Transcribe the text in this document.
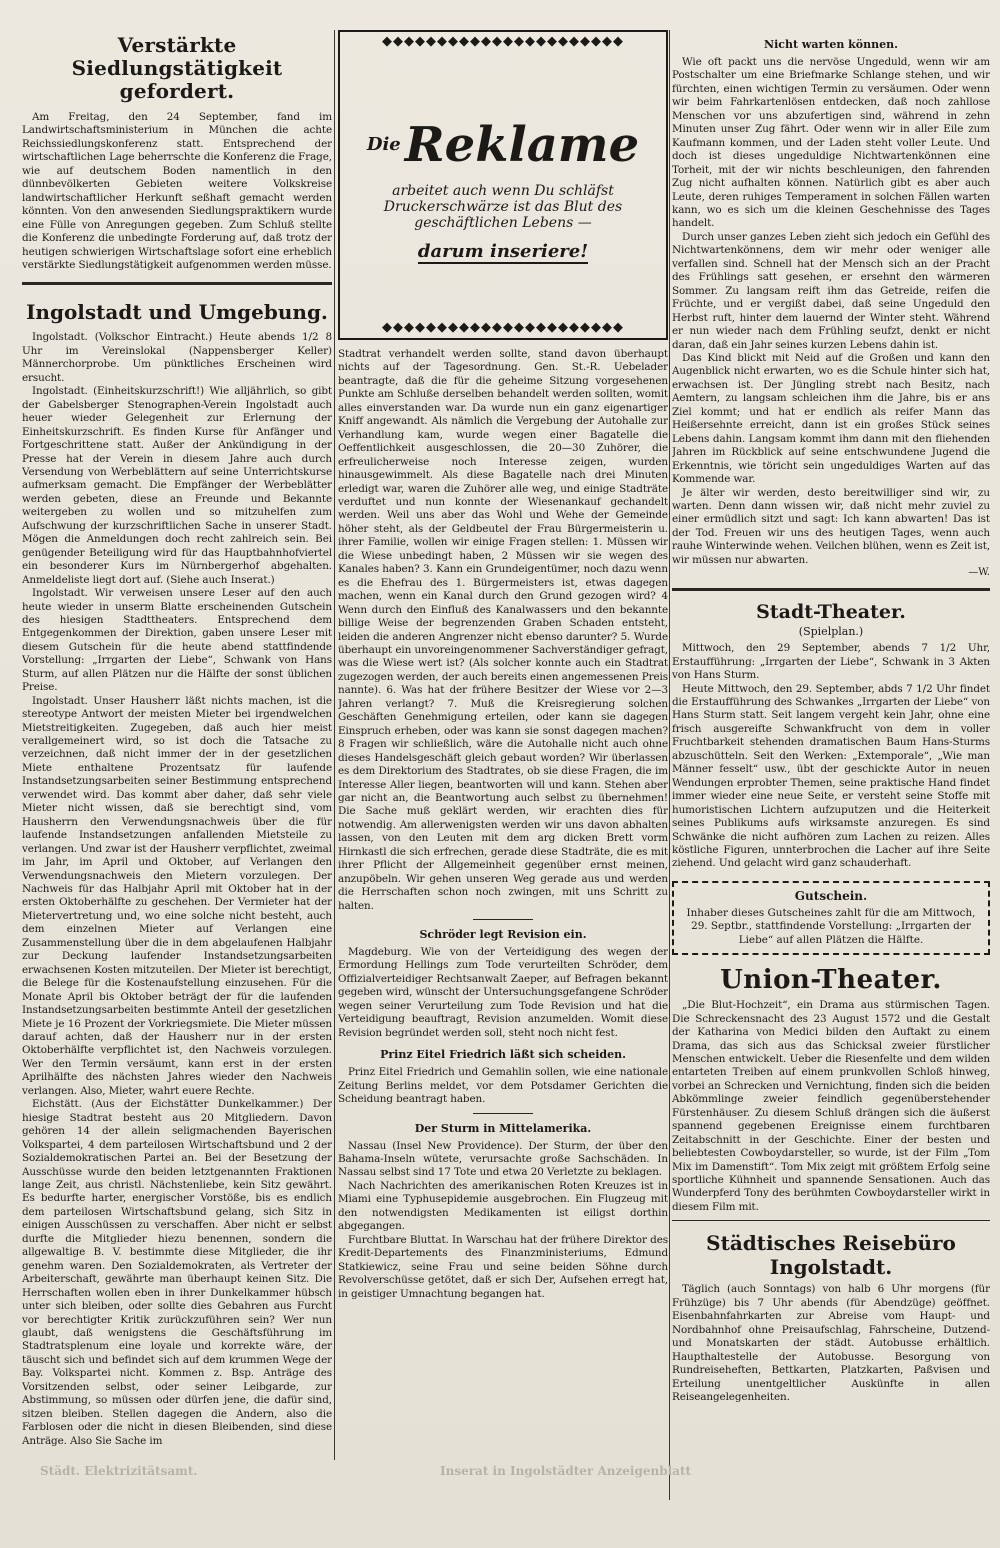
Verstärkte Siedlungstätigkeit gefordert.

Am Freitag, den 24 September, fand im Landwirtschaftsministerium in München die achte Reichssiedlungskonferenz statt. Entsprechend der wirtschaftlichen Lage beherrschte die Konferenz die Frage, wie auf deutschem Boden namentlich in den dünnbevölkerten Gebieten weitere Volkskreise landwirtschaftlicher Herkunft seßhaft gemacht werden könnten. Von den anwesenden Siedlungspraktikern wurde eine Fülle von Anregungen gegeben. Zum Schluß stellte die Konferenz die unbedingte Forderung auf, daß trotz der heutigen schwierigen Wirtschaftslage sofort eine erheblich verstärkte Siedlungstätigkeit aufgenommen werden müsse.

Ingolstadt und Umgebung.

Ingolstadt. (Volkschor Eintracht.) Heute abends 1/2 8 Uhr im Vereinslokal (Nappensberger Keller) Männerchorprobe. Um pünktliches Erscheinen wird ersucht.

Ingolstadt. (Einheitskurzschrift!) Wie alljährlich, so gibt der Gabelsberger Stenographen-Verein Ingolstadt auch heuer wieder Gelegenheit zur Erlernung der Einheitskurzschrift. Es finden Kurse für Anfänger und Fortgeschrittene statt. Außer der Ankündigung in der Presse hat der Verein in diesem Jahre auch durch Versendung von Werbeblättern auf seine Unterrichtskurse aufmerksam gemacht. Die Empfänger der Werbeblätter werden gebeten, diese an Freunde und Bekannte weitergeben zu wollen und so mitzuhelfen zum Aufschwung der kurzschriftlichen Sache in unserer Stadt. Mögen die Anmeldungen doch recht zahlreich sein. Bei genügender Beteiligung wird für das Hauptbahnhofviertel ein besonderer Kurs im Nürnbergerhof abgehalten. Anmeldeliste liegt dort auf. (Siehe auch Inserat.)

Ingolstadt. Wir verweisen unsere Leser auf den auch heute wieder in unserm Blatte erscheinenden Gutschein des hiesigen Stadttheaters. Entsprechend dem Entgegenkommen der Direktion, gaben unsere Leser mit diesem Gutschein für die heute abend stattfindende Vorstellung: „Irrgarten der Liebe“, Schwank von Hans Sturm, auf allen Plätzen nur die Hälfte der sonst üblichen Preise.

Ingolstadt. Unser Hausherr läßt nichts machen, ist die stereotype Antwort der meisten Mieter bei irgendwelchen Mietstreitigkeiten. Zugegeben, daß auch hier meist verallgemeinert wird, so ist doch die Tatsache zu verzeichnen, daß nicht immer der in der gesetzlichen Miete enthaltene Prozentsatz für laufende Instandsetzungsarbeiten seiner Bestimmung entsprechend verwendet wird. Das kommt aber daher, daß sehr viele Mieter nicht wissen, daß sie berechtigt sind, vom Hausherrn den Verwendungsnachweis über die für laufende Instandsetzungen anfallenden Mietsteile zu verlangen. Und zwar ist der Hausherr verpflichtet, zweimal im Jahr, im April und Oktober, auf Verlangen den Verwendungsnachweis den Mietern vorzulegen. Der Nachweis für das Halbjahr April mit Oktober hat in der ersten Oktoberhälfte zu geschehen. Der Vermieter hat der Mietervertretung und, wo eine solche nicht besteht, auch dem einzelnen Mieter auf Verlangen eine Zusammenstellung über die in dem abgelaufenen Halbjahr zur Deckung laufender Instandsetzungsarbeiten erwachsenen Kosten mitzuteilen. Der Mieter ist berechtigt, die Belege für die Kostenaufstellung einzusehen. Für die Monate April bis Oktober beträgt der für die laufenden Instandsetzungsarbeiten bestimmte Anteil der gesetzlichen Miete je 16 Prozent der Vorkriegsmiete. Die Mieter müssen darauf achten, daß der Hausherr nur in der ersten Oktoberhälfte verpflichtet ist, den Nachweis vorzulegen. Wer den Termin versäumt, kann erst in der ersten Aprilhälfte des nächsten Jahres wieder den Nachweis verlangen. Also, Mieter, wahrt euere Rechte.

Eichstätt. (Aus der Eichstätter Dunkelkammer.) Der hiesige Stadtrat besteht aus 20 Mitgliedern. Davon gehören 14 der allein seligmachenden Bayerischen Volkspartei, 4 dem parteilosen Wirtschaftsbund und 2 der Sozialdemokratischen Partei an. Bei der Besetzung der Ausschüsse wurde den beiden letztgenannten Fraktionen lange Zeit, aus christl. Nächstenliebe, kein Sitz gewährt. Es bedurfte harter, energischer Vorstöße, bis es endlich dem parteilosen Wirtschaftsbund gelang, sich Sitz in einigen Ausschüssen zu verschaffen. Aber nicht er selbst durfte die Mitglieder hiezu benennen, sondern die allgewaltige B. V. bestimmte diese Mitglieder, die ihr genehm waren. Den Sozialdemokraten, als Vertreter der Arbeiterschaft, gewährte man überhaupt keinen Sitz. Die Herrschaften wollen eben in ihrer Dunkelkammer hübsch unter sich bleiben, oder sollte dies Gebahren aus Furcht vor berechtigter Kritik zurückzuführen sein? Wer nun glaubt, daß wenigstens die Geschäftsführung im Stadtratsplenum eine loyale und korrekte wäre, der täuscht sich und befindet sich auf dem krummen Wege der Bay. Volkspartei nicht. Kommen z. Bsp. Anträge des Vorsitzenden selbst, oder seiner Leibgarde, zur Abstimmung, so müssen oder dürfen jene, die dafür sind, sitzen bleiben. Stellen dagegen die Andern, also die Farblosen oder die nicht in diesen Bleibenden, sind diese Anträge. Also Sie Sache im

◆◆◆◆◆◆◆◆◆◆◆◆◆◆◆◆◆◆◆◆◆◆
$^{Die}$Reklame
arbeitet auch wenn Du schläfst Druckerschwärze ist das Blut des geschäftlichen Lebens —
darum inseriere!
◆◆◆◆◆◆◆◆◆◆◆◆◆◆◆◆◆◆◆◆◆◆

Stadtrat verhandelt werden sollte, stand davon überhaupt nichts auf der Tagesordnung. Gen. St.-R. Uebelader beantragte, daß die für die geheime Sitzung vorgesehenen Punkte am Schluße derselben behandelt werden sollten, womit alles einverstanden war. Da wurde nun ein ganz eigenartiger Kniff angewandt. Als nämlich die Vergebung der Autohalle zur Verhandlung kam, wurde wegen einer Bagatelle die Oeffentlichkeit ausgeschlossen, die 20—30 Zuhörer, die erfreulicherweise noch Interesse zeigen, wurden hinausgewimmelt. Als diese Bagatelle nach drei Minuten erledigt war, waren die Zuhörer alle weg, und einige Stadträte verduftet und nun konnte der Wiesenankauf gechandelt werden. Weil uns aber das Wohl und Wehe der Gemeinde höher steht, als der Geldbeutel der Frau Bürgermeisterin u. ihrer Familie, wollen wir einige Fragen stellen: 1. Müssen wir die Wiese unbedingt haben, 2 Müssen wir sie wegen des Kanales haben? 3. Kann ein Grundeigentümer, noch dazu wenn es die Ehefrau des 1. Bürgermeisters ist, etwas dagegen machen, wenn ein Kanal durch den Grund gezogen wird? 4 Wenn durch den Einfluß des Kanalwassers und den bekannte billige Weise der begrenzenden Graben Schaden entsteht, leiden die anderen Angrenzer nicht ebenso darunter? 5. Wurde überhaupt ein unvoreingenommener Sachverständiger gefragt, was die Wiese wert ist? (Als solcher konnte auch ein Stadtrat zugezogen werden, der auch bereits einen angemessenen Preis nannte). 6. Was hat der frühere Besitzer der Wiese vor 2—3 Jahren verlangt? 7. Muß die Kreisregierung solchen Geschäften Genehmigung erteilen, oder kann sie dagegen Einspruch erheben, oder was kann sie sonst dagegen machen? 8 Fragen wir schließlich, wäre die Autohalle nicht auch ohne dieses Handelsgeschäft gleich gebaut worden? Wir überlassen es dem Direktorium des Stadtrates, ob sie diese Fragen, die im Interesse Aller liegen, beantworten will und kann. Stehen aber gar nicht an, die Beantwortung auch selbst zu übernehmen! Die Sache muß geklärt werden, wir erachten dies für notwendig. Am allerwenigsten werden wir uns davon abhalten lassen, von den Leuten mit dem arg dicken Brett vorm Hirnkastl die sich erfrechen, gerade diese Stadträte, die es mit ihrer Pflicht der Allgemeinheit gegenüber ernst meinen, anzupöbeln. Wir gehen unseren Weg gerade aus und werden die Herrschaften schon noch zwingen, mit uns Schritt zu halten.

Schröder legt Revision ein.

Magdeburg. Wie von der Verteidigung des wegen der Ermordung Hellings zum Tode verurteilten Schröder, dem Offizialverteidiger Rechtsanwalt Zaeper, auf Befragen bekannt gegeben wird, wünscht der Untersuchungsgefangene Schröder wegen seiner Verurteilung zum Tode Revision und hat die Verteidigung beauftragt, Revision anzumelden. Womit diese Revision begründet werden soll, steht noch nicht fest.

Prinz Eitel Friedrich läßt sich scheiden.

Prinz Eitel Friedrich und Gemahlin sollen, wie eine nationale Zeitung Berlins meldet, vor dem Potsdamer Gerichten die Scheidung beantragt haben.

Der Sturm in Mittelamerika.

Nassau (Insel New Providence). Der Sturm, der über den Bahama-Inseln wütete, verursachte große Sachschäden. In Nassau selbst sind 17 Tote und etwa 20 Verletzte zu beklagen.

Nach Nachrichten des amerikanischen Roten Kreuzes ist in Miami eine Typhusepidemie ausgebrochen. Ein Flugzeug mit den notwendigsten Medikamenten ist eiligst dorthin abgegangen.

Furchtbare Bluttat. In Warschau hat der frühere Direktor des Kredit-Departements des Finanzministeriums, Edmund Statkiewicz, seine Frau und seine beiden Söhne durch Revolverschüsse getötet, daß er sich Der, Aufsehen erregt hat, in geistiger Umnachtung begangen hat.

Nicht warten können.

Wie oft packt uns die nervöse Ungeduld, wenn wir am Postschalter um eine Briefmarke Schlange stehen, und wir fürchten, einen wichtigen Termin zu versäumen. Oder wenn wir beim Fahrkartenlösen entdecken, daß noch zahllose Menschen vor uns abzufertigen sind, während in zehn Minuten unser Zug fährt. Oder wenn wir in aller Eile zum Kaufmann kommen, und der Laden steht voller Leute. Und doch ist dieses ungeduldige Nichtwartenkönnen eine Torheit, mit der wir nichts beschleunigen, den fahrenden Zug nicht aufhalten können. Natürlich gibt es aber auch Leute, deren ruhiges Temperament in solchen Fällen warten kann, wo es sich um die kleinen Geschehnisse des Tages handelt.

Durch unser ganzes Leben zieht sich jedoch ein Gefühl des Nichtwartenkönnens, dem wir mehr oder weniger alle verfallen sind. Schnell hat der Mensch sich an der Pracht des Frühlings satt gesehen, er ersehnt den wärmeren Sommer. Zu langsam reift ihm das Getreide, reifen die Früchte, und er vergißt dabei, daß seine Ungeduld den Herbst ruft, hinter dem lauernd der Winter steht. Während er nun wieder nach dem Frühling seufzt, denkt er nicht daran, daß ein Jahr seines kurzen Lebens dahin ist.

Das Kind blickt mit Neid auf die Großen und kann den Augenblick nicht erwarten, wo es die Schule hinter sich hat, erwachsen ist. Der Jüngling strebt nach Besitz, nach Aemtern, zu langsam schleichen ihm die Jahre, bis er ans Ziel kommt; und hat er endlich als reifer Mann das Heißersehnte erreicht, dann ist ein großes Stück seines Lebens dahin. Langsam kommt ihm dann mit den fliehenden Jahren im Rückblick auf seine entschwundene Jugend die Erkenntnis, wie töricht sein ungeduldiges Warten auf das Kommende war.

Je älter wir werden, desto bereitwilliger sind wir, zu warten. Denn dann wissen wir, daß nicht mehr zuviel zu einer ermüdlich sitzt und sagt: Ich kann abwarten! Das ist der Tod. Freuen wir uns des heutigen Tages, wenn auch rauhe Winterwinde wehen. Veilchen blühen, wenn es Zeit ist, wir müssen nur abwarten.

—W.
Stadt-Theater.
(Spielplan.)

Mittwoch, den 29 September, abends 7 1/2 Uhr, Erstaufführung: „Irrgarten der Liebe“, Schwank in 3 Akten von Hans Sturm.

Heute Mittwoch, den 29. September, abds 7 1/2 Uhr findet die Erstaufführung des Schwankes „Irrgarten der Liebe“ von Hans Sturm statt. Seit langem vergeht kein Jahr, ohne eine frisch ausgereifte Schwankfrucht von dem in voller Fruchtbarkeit stehenden dramatischen Baum Hans-Sturms abzuschütteln. Seit den Werken: „Extemporale“, „Wie man Männer fesselt“ usw., übt der geschickte Autor in neuen Wendungen erprobter Themen, seine praktische Hand findet immer wieder eine neue Seite, er versteht seine Stoffe mit humoristischen Lichtern aufzuputzen und die Heiterkeit seines Publikums aufs wirksamste anzuregen. Es sind Schwänke die nicht aufhören zum Lachen zu reizen. Alles köstliche Figuren, unnterbrochen die Lacher auf ihre Seite ziehend. Und gelacht wird ganz schauderhaft.

Gutschein.

Inhaber dieses Gutscheines zahlt für die am Mittwoch, 29. Septbr., stattfindende Vorstellung: „Irrgarten der Liebe“ auf allen Plätzen die Hälfte.

Union-Theater.

„Die Blut-Hochzeit“, ein Drama aus stürmischen Tagen. Die Schreckensnacht des 23 August 1572 und die Gestalt der Katharina von Medici bilden den Auftakt zu einem Drama, das sich aus das Schicksal zweier fürstlicher Menschen entwickelt. Ueber die Riesenfelte und dem wilden entarteten Treiben auf einem prunkvollen Schloß hinweg, vorbei an Schrecken und Vernichtung, finden sich die beiden Abkömmlinge zweier feindlich gegenüberstehender Fürstenhäuser. Zu diesem Schluß drängen sich die äußerst spannend gegebenen Ereignisse einem furchtbaren Zeitabschnitt in der Geschichte. Einer der besten und beliebtesten Cowboydarsteller, so wurde, ist der Film „Tom Mix im Damenstift“. Tom Mix zeigt mit größtem Erfolg seine sportliche Kühnheit und spannende Sensationen. Auch das Wunderpferd Tony des berühmten Cowboydarsteller wirkt in diesem Film mit.

Städtisches Reisebüro Ingolstadt.

Täglich (auch Sonntags) von halb 6 Uhr morgens (für Frühzüge) bis 7 Uhr abends (für Abendzüge) geöffnet. Eisenbahnfahrkarten zur Abreise vom Haupt- und Nordbahnhof ohne Preisaufschlag, Fahrscheine, Dutzend- und Monatskarten der städt. Autobusse erhältlich. Haupthaltestelle der Autobusse. Besorgung von Rundreiseheften, Bettkarten, Platzkarten, Paßvisen und Erteilung unentgeltlicher Auskünfte in allen Reiseangelegenheiten.

Städt. Elektrizitätsamt.	Inserat in Ingolstädter Anzeigenblatt
